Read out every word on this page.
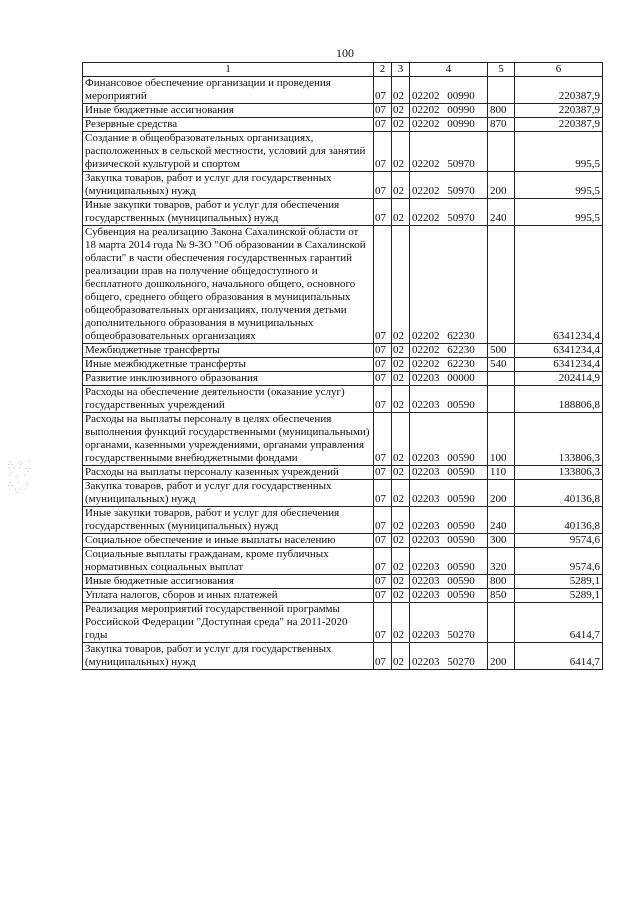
100
∴ ⁘ ˙
⸪ ˙ ∵
˙ ⁖ ˙
∴ ˙ ⁘
˙ ∵ ˙
1	2	3	4	5	6
Финансовое обеспечение организации и проведения мероприятий	07	02	02202 00990		220387,9
Иные бюджетные ассигнования	07	02	02202 00990	800	220387,9
Резервные средства	07	02	02202 00990	870	220387,9
Создание в общеобразовательных организациях, расположенных в сельской местности, условий для занятий физической культурой и спортом	07	02	02202 50970		995,5
Закупка товаров, работ и услуг для государственных (муниципальных) нужд	07	02	02202 50970	200	995,5
Иные закупки товаров, работ и услуг для обеспечения государственных (муниципальных) нужд	07	02	02202 50970	240	995,5
Субвенция на реализацию Закона Сахалинской области от 18 марта 2014 года № 9-ЗО "Об образовании в Сахалинской области" в части обеспечения государственных гарантий реализации прав на получение общедоступного и бесплатного дошкольного, начального общего, основного общего, среднего общего образования в муниципальных общеобразовательных организациях, получения детьми дополнительного образования в муниципальных общеобразовательных организациях	07	02	02202 62230		6341234,4
Межбюджетные трансферты	07	02	02202 62230	500	6341234,4
Иные межбюджетные трансферты	07	02	02202 62230	540	6341234,4
Развитие инклюзивного образования	07	02	02203 00000		202414,9
Расходы на обеспечение деятельности (оказание услуг) государственных учреждений	07	02	02203 00590		188806,8
Расходы на выплаты персоналу в целях обеспечения выполнения функций государственными (муниципальными) органами, казенными учреждениями, органами управления государственными внебюджетными фондами	07	02	02203 00590	100	133806,3
Расходы на выплаты персоналу казенных учреждений	07	02	02203 00590	110	133806,3
Закупка товаров, работ и услуг для государственных (муниципальных) нужд	07	02	02203 00590	200	40136,8
Иные закупки товаров, работ и услуг для обеспечения государственных (муниципальных) нужд	07	02	02203 00590	240	40136,8
Социальное обеспечение и иные выплаты населению	07	02	02203 00590	300	9574,6
Социальные выплаты гражданам, кроме публичных нормативных социальных выплат	07	02	02203 00590	320	9574,6
Иные бюджетные ассигнования	07	02	02203 00590	800	5289,1
Уплата налогов, сборов и иных платежей	07	02	02203 00590	850	5289,1
Реализация мероприятий государственной программы Российской Федерации "Доступная среда" на 2011-2020 годы	07	02	02203 50270		6414,7
Закупка товаров, работ и услуг для государственных (муниципальных) нужд	07	02	02203 50270	200	6414,7
